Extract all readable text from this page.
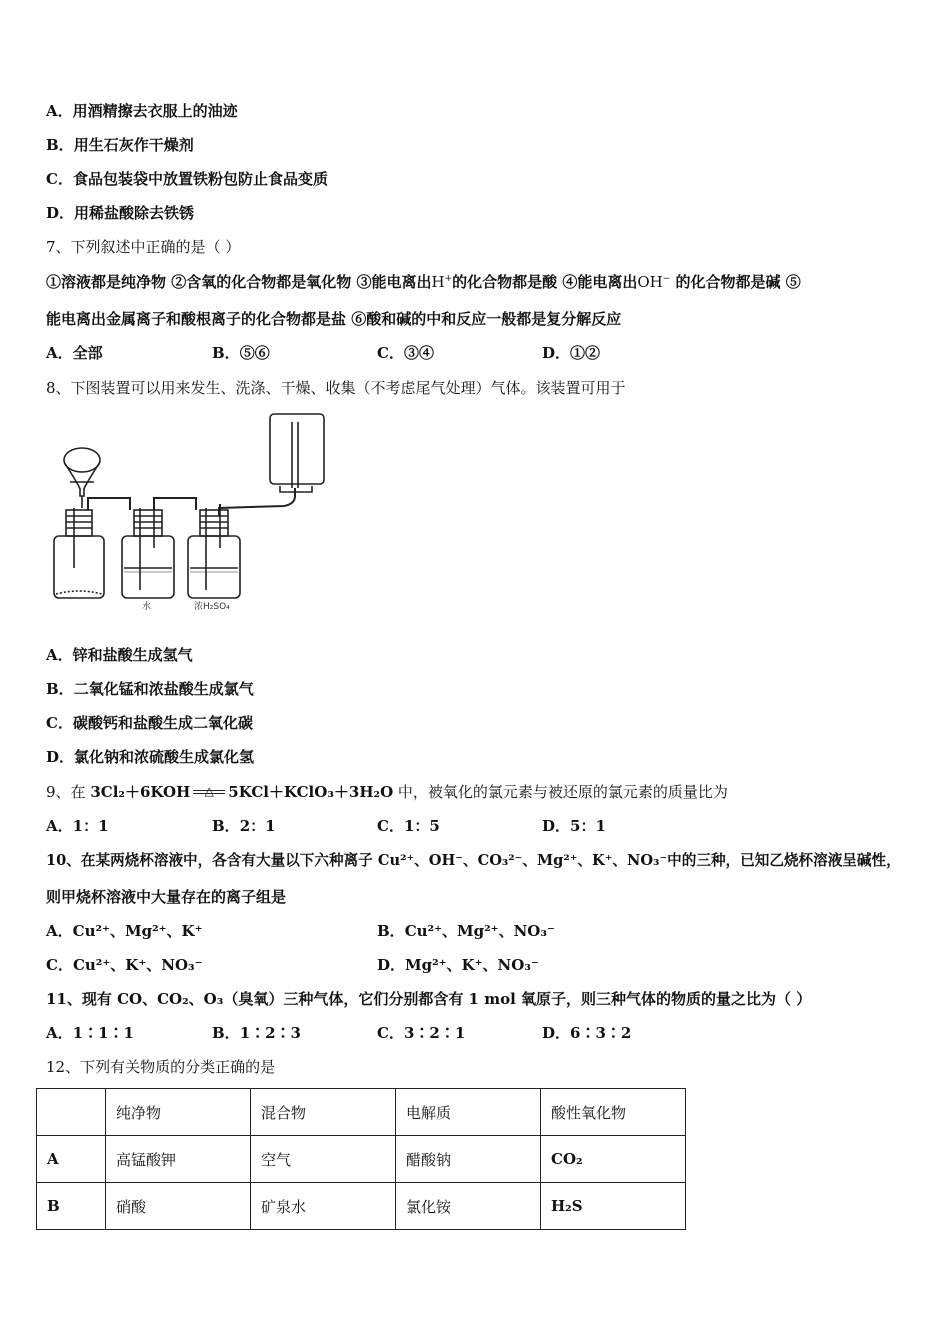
A．用酒精擦去衣服上的油迹
B．用生石灰作干燥剂
C．食品包装袋中放置铁粉包防止食品变质
D．用稀盐酸除去铁锈
7、下列叙述中正确的是（ ）
①溶液都是纯净物 ②含氧的化合物都是氧化物 ③能电离出H+的化合物都是酸 ④能电离出OH− 的化合物都是碱 ⑤
能电离出金属离子和酸根离子的化合物都是盐 ⑥酸和碱的中和反应一般都是复分解反应
A．全部	B．⑤⑥	C．③④	D．①②
8、下图装置可以用来发生、洗涤、干燥、收集（不考虑尾气处理）气体。该装置可用于
水	浓H₂SO₄
A．锌和盐酸生成氢气
B．二氧化锰和浓盐酸生成氯气
C．碳酸钙和盐酸生成二氧化碳
D．氯化钠和浓硫酸生成氯化氢
9、在 3Cl₂＋6KOH	△ 5KCl＋KClO₃＋3H₂O 中，被氧化的氯元素与被还原的氯元素的质量比为
A．1：1	B．2：1	C．1：5	D．5：1
10、在某两烧杯溶液中，各含有大量以下六种离子 Cu²⁺、OH⁻、CO₃²⁻、Mg²⁺、K⁺、NO₃⁻中的三种，已知乙烧杯溶液呈碱性，
则甲烧杯溶液中大量存在的离子组是
A．Cu²⁺、Mg²⁺、K⁺	B．Cu²⁺、Mg²⁺、NO₃⁻
C．Cu²⁺、K⁺、NO₃⁻	D．Mg²⁺、K⁺、NO₃⁻
11、现有 CO、CO₂、O₃（臭氧）三种气体，它们分别都含有 1 mol 氧原子，则三种气体的物质的量之比为（ ）
A．1∶1∶1	B．1∶2∶3	C．3∶2∶1	D．6∶3∶2
12、下列有关物质的分类正确的是
	纯净物	混合物	电解质	酸性氧化物
A	高锰酸钾	空气	醋酸钠	CO₂
B	硝酸	矿泉水	氯化铵	H₂S
